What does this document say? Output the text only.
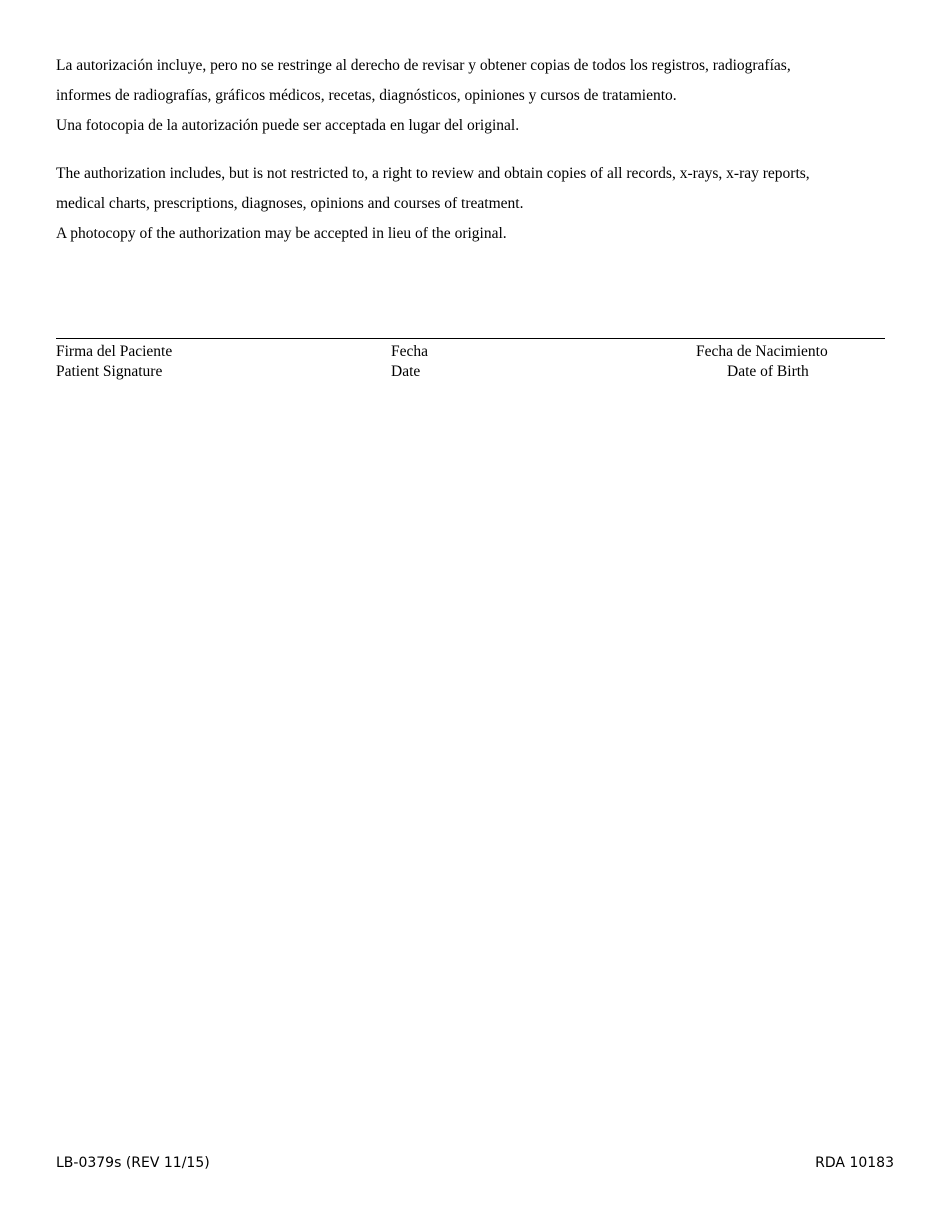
La autorización incluye, pero no se restringe al derecho de revisar y obtener copias de todos los registros, radiografías,
informes de radiografías, gráficos médicos, recetas, diagnósticos, opiniones y cursos de tratamiento.
Una fotocopia de la autorización puede ser acceptada en lugar del original.

The authorization includes, but is not restricted to, a right to review and obtain copies of all records, x-rays, x-ray reports,
medical charts, prescriptions, diagnoses, opinions and courses of treatment.
A photocopy of the authorization may be accepted in lieu of the original.

Firma del Paciente
Patient Signature
Fecha
Date
Fecha de Nacimiento
Date of Birth
LB-0379s (REV 11/15)	RDA 10183
